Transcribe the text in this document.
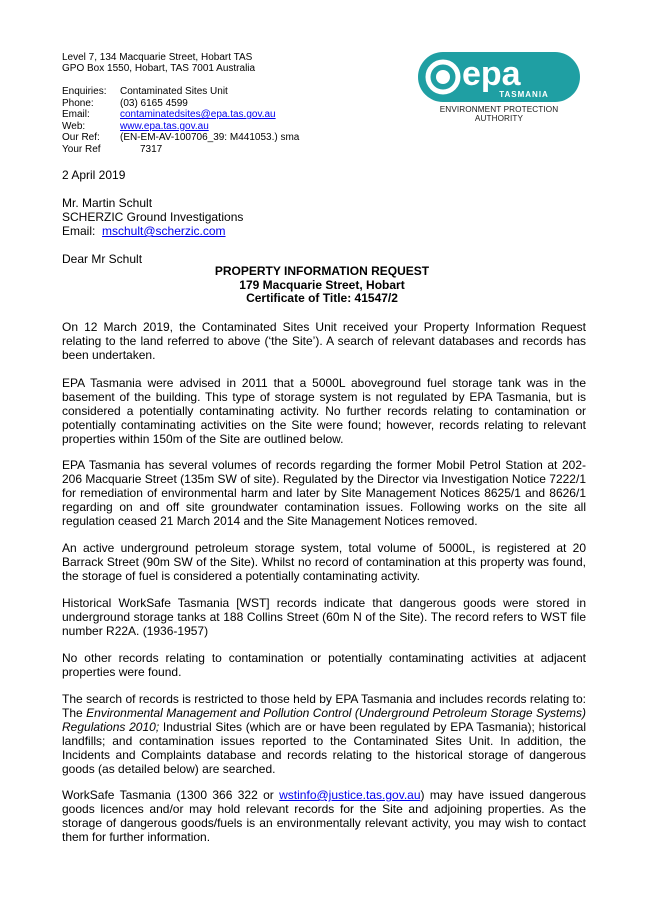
Level 7, 134 Macquarie Street, Hobart TAS
GPO Box 1550, Hobart, TAS 7001 Australia
Enquiries:	Contaminated Sites Unit
Phone:	(03) 6165 4599
Email:	contaminatedsites@epa.tas.gov.au
Web:	www.epa.tas.gov.au
Our Ref:	(EN-EM-AV-100706_39: M441053.) sma
Your Ref	7317
epa
TASMANIA
ENVIRONMENT PROTECTION AUTHORITY
2 April 2019
Mr. Martin Schult
SCHERZIC Ground Investigations
Email: mschult@scherzic.com
Dear Mr Schult
PROPERTY INFORMATION REQUEST
179 Macquarie Street, Hobart
Certificate of Title: 41547/2

On 12 March 2019, the Contaminated Sites Unit received your Property Information Request relating to the land referred to above (‘the Site’). A search of relevant databases and records has been undertaken.

EPA Tasmania were advised in 2011 that a 5000L aboveground fuel storage tank was in the basement of the building. This type of storage system is not regulated by EPA Tasmania, but is considered a potentially contaminating activity. No further records relating to contamination or potentially contaminating activities on the Site were found; however, records relating to relevant properties within 150m of the Site are outlined below.

EPA Tasmania has several volumes of records regarding the former Mobil Petrol Station at 202-206 Macquarie Street (135m SW of site). Regulated by the Director via Investigation Notice 7222/1 for remediation of environmental harm and later by Site Management Notices 8625/1 and 8626/1 regarding on and off site groundwater contamination issues. Following works on the site all regulation ceased 21 March 2014 and the Site Management Notices removed.

An active underground petroleum storage system, total volume of 5000L, is registered at 20 Barrack Street (90m SW of the Site). Whilst no record of contamination at this property was found, the storage of fuel is considered a potentially contaminating activity.

Historical WorkSafe Tasmania [WST] records indicate that dangerous goods were stored in underground storage tanks at 188 Collins Street (60m N of the Site). The record refers to WST file number R22A. (1936-1957)

No other records relating to contamination or potentially contaminating activities at adjacent properties were found.

The search of records is restricted to those held by EPA Tasmania and includes records relating to: The Environmental Management and Pollution Control (Underground Petroleum Storage Systems) Regulations 2010; Industrial Sites (which are or have been regulated by EPA Tasmania); historical landfills; and contamination issues reported to the Contaminated Sites Unit. In addition, the Incidents and Complaints database and records relating to the historical storage of dangerous goods (as detailed below) are searched.

WorkSafe Tasmania (1300 366 322 or wstinfo@justice.tas.gov.au) may have issued dangerous goods licences and/or may hold relevant records for the Site and adjoining properties. As the storage of dangerous goods/fuels is an environmentally relevant activity, you may wish to contact them for further information.
